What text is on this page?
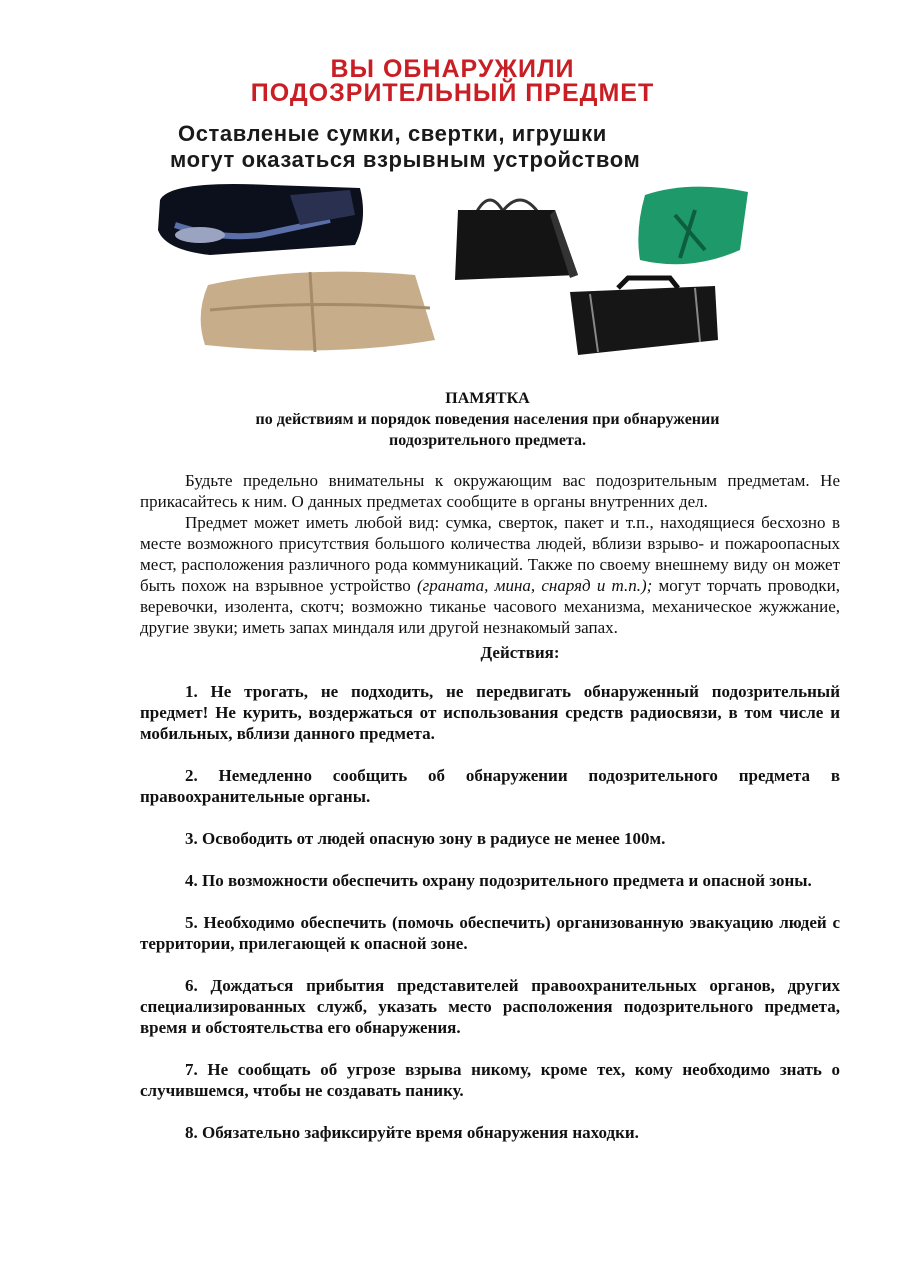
ВЫ ОБНАРУЖИЛИ
ПОДОЗРИТЕЛЬНЫЙ ПРЕДМЕТ
Оставленые сумки, свертки, игрушки
могут оказаться взрывным устройством
ПАМЯТКА
по действиям и порядок поведения населения при обнаружении
подозрительного предмета.

Будьте предельно внимательны к окружающим вас подозрительным предметам. Не прикасайтесь к ним. О данных предметах сообщите в органы внутренних дел.

Предмет может иметь любой вид: сумка, сверток, пакет и т.п., находящиеся бесхозно в месте возможного присутствия большого количества людей, вблизи взрыво- и пожароопасных мест, расположения различного рода коммуникаций. Также по своему внешнему виду он может быть похож на взрывное устройство (граната, мина, снаряд и т.п.); могут торчать проводки, веревочки, изолента, скотч; возможно тиканье часового механизма, механическое жужжание, другие звуки; иметь запах миндаля или другой незнакомый запах.

Действия:

1. Не трогать, не подходить, не передвигать обнаруженный подозрительный предмет! Не курить, воздержаться от использования средств радиосвязи, в том числе и мобильных, вблизи данного предмета.

2. Немедленно сообщить об обнаружении подозрительного предмета в правоохранительные органы.

3. Освободить от людей опасную зону в радиусе не менее 100м.

4. По возможности обеспечить охрану подозрительного предмета и опасной зоны.

5. Необходимо обеспечить (помочь обеспечить) организованную эвакуацию людей с территории, прилегающей к опасной зоне.

6. Дождаться прибытия представителей правоохранительных органов, других специализированных служб, указать место расположения подозрительного предмета, время и обстоятельства его обнаружения.

7. Не сообщать об угрозе взрыва никому, кроме тех, кому необходимо знать о случившемся, чтобы не создавать панику.

8. Обязательно зафиксируйте время обнаружения находки.
